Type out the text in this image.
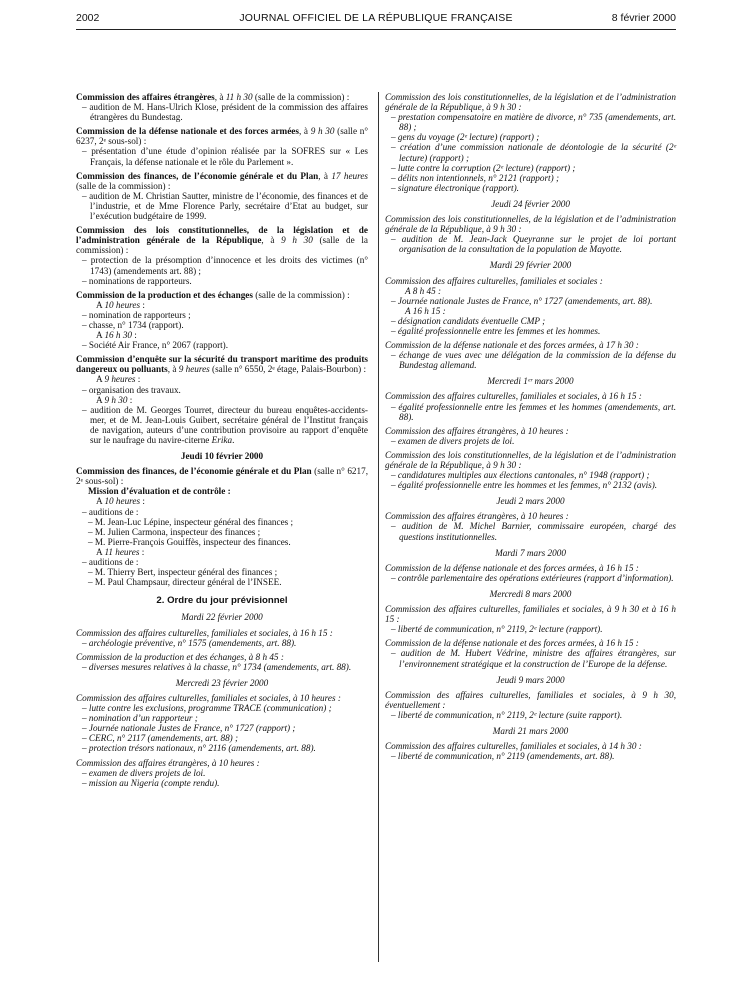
2002	JOURNAL OFFICIEL DE LA RÉPUBLIQUE FRANÇAISE	8 février 2000

Commission des affaires étrangères, à 11 h 30 (salle de la commission) :

– audition de M. Hans-Ulrich Klose, président de la commission des affaires étrangères du Bundestag.

Commission de la défense nationale et des forces armées, à 9 h 30 (salle n° 6237, 2ᵉ sous-sol) :

– présentation d’une étude d’opinion réalisée par la SOFRES sur « Les Français, la défense nationale et le rôle du Parlement ».

Commission des finances, de l’économie générale et du Plan, à 17 heures (salle de la commission) :

– audition de M. Christian Sautter, ministre de l’économie, des finances et de l’industrie, et de Mme Florence Parly, secrétaire d’Etat au budget, sur l’exécution budgétaire de 1999.

Commission des lois constitutionnelles, de la législation et de l’administration générale de la République, à 9 h 30 (salle de la commission) :

– protection de la présomption d’innocence et les droits des victimes (n° 1743) (amendements art. 88) ;

– nominations de rapporteurs.

Commission de la production et des échanges (salle de la commission) :

A 10 heures :

– nomination de rapporteurs ;

– chasse, n° 1734 (rapport).

A 16 h 30 :

– Société Air France, n° 2067 (rapport).

Commission d’enquête sur la sécurité du transport maritime des produits dangereux ou polluants, à 9 heures (salle n° 6550, 2ᵉ étage, Palais-Bourbon) :

A 9 heures :

– organisation des travaux.

A 9 h 30 :

– audition de M. Georges Tourret, directeur du bureau enquêtes-accidents-mer, et de M. Jean-Louis Guibert, secrétaire général de l’Institut français de navigation, auteurs d’une contribution provisoire au rapport d’enquête sur le naufrage du navire-citerne Erika.

Jeudi 10 février 2000

Commission des finances, de l’économie générale et du Plan (salle n° 6217, 2ᵉ sous-sol) :

Mission d’évaluation et de contrôle :

A 10 heures :

– auditions de :

– M. Jean-Luc Lépine, inspecteur général des finances ;

– M. Julien Carmona, inspecteur des finances ;

– M. Pierre-François Gouiffès, inspecteur des finances.

A 11 heures :

– auditions de :

– M. Thierry Bert, inspecteur général des finances ;

– M. Paul Champsaur, directeur général de l’INSEE.

2. Ordre du jour prévisionnel

Mardi 22 février 2000

Commission des affaires culturelles, familiales et sociales, à 16 h 15 :

– archéologie préventive, n° 1575 (amendements, art. 88).

Commission de la production et des échanges, à 8 h 45 :

– diverses mesures relatives à la chasse, n° 1734 (amendements, art. 88).

Mercredi 23 février 2000

Commission des affaires culturelles, familiales et sociales, à 10 heures :

– lutte contre les exclusions, programme TRACE (communication) ;

– nomination d’un rapporteur ;

– Journée nationale Justes de France, n° 1727 (rapport) ;

– CERC, n° 2117 (amendements, art. 88) ;

– protection trésors nationaux, n° 2116 (amendements, art. 88).

Commission des affaires étrangères, à 10 heures :

– examen de divers projets de loi.

– mission au Nigeria (compte rendu).

Commission des lois constitutionnelles, de la législation et de l’administration générale de la République, à 9 h 30 :

– prestation compensatoire en matière de divorce, n° 735 (amendements, art. 88) ;

– gens du voyage (2ᵉ lecture) (rapport) ;

– création d’une commission nationale de déontologie de la sécurité (2ᵉ lecture) (rapport) ;

– lutte contre la corruption (2ᵉ lecture) (rapport) ;

– délits non intentionnels, n° 2121 (rapport) ;

– signature électronique (rapport).

Jeudi 24 février 2000

Commission des lois constitutionnelles, de la législation et de l’administration générale de la République, à 9 h 30 :

– audition de M. Jean-Jack Queyranne sur le projet de loi portant organisation de la consultation de la population de Mayotte.

Mardi 29 février 2000

Commission des affaires culturelles, familiales et sociales :

A 8 h 45 :

– Journée nationale Justes de France, n° 1727 (amendements, art. 88).

A 16 h 15 :

– désignation candidats éventuelle CMP ;

– égalité professionnelle entre les femmes et les hommes.

Commission de la défense nationale et des forces armées, à 17 h 30 :

– échange de vues avec une délégation de la commission de la défense du Bundestag allemand.

Mercredi 1ᵉʳ mars 2000

Commission des affaires culturelles, familiales et sociales, à 16 h 15 :

– égalité professionnelle entre les femmes et les hommes (amendements, art. 88).

Commission des affaires étrangères, à 10 heures :

– examen de divers projets de loi.

Commission des lois constitutionnelles, de la législation et de l’administration générale de la République, à 9 h 30 :

– candidatures multiples aux élections cantonales, n° 1948 (rapport) ;

– égalité professionnelle entre les hommes et les femmes, n° 2132 (avis).

Jeudi 2 mars 2000

Commission des affaires étrangères, à 10 heures :

– audition de M. Michel Barnier, commissaire européen, chargé des questions institutionnelles.

Mardi 7 mars 2000

Commission de la défense nationale et des forces armées, à 16 h 15 :

– contrôle parlementaire des opérations extérieures (rapport d’information).

Mercredi 8 mars 2000

Commission des affaires culturelles, familiales et sociales, à 9 h 30 et à 16 h 15 :

– liberté de communication, n° 2119, 2ᵉ lecture (rapport).

Commission de la défense nationale et des forces armées, à 16 h 15 :

– audition de M. Hubert Védrine, ministre des affaires étrangères, sur l’environnement stratégique et la construction de l’Europe de la défense.

Jeudi 9 mars 2000

Commission des affaires culturelles, familiales et sociales, à 9 h 30, éventuellement :

– liberté de communication, n° 2119, 2ᵉ lecture (suite rapport).

Mardi 21 mars 2000

Commission des affaires culturelles, familiales et sociales, à 14 h 30 :

– liberté de communication, n° 2119 (amendements, art. 88).
